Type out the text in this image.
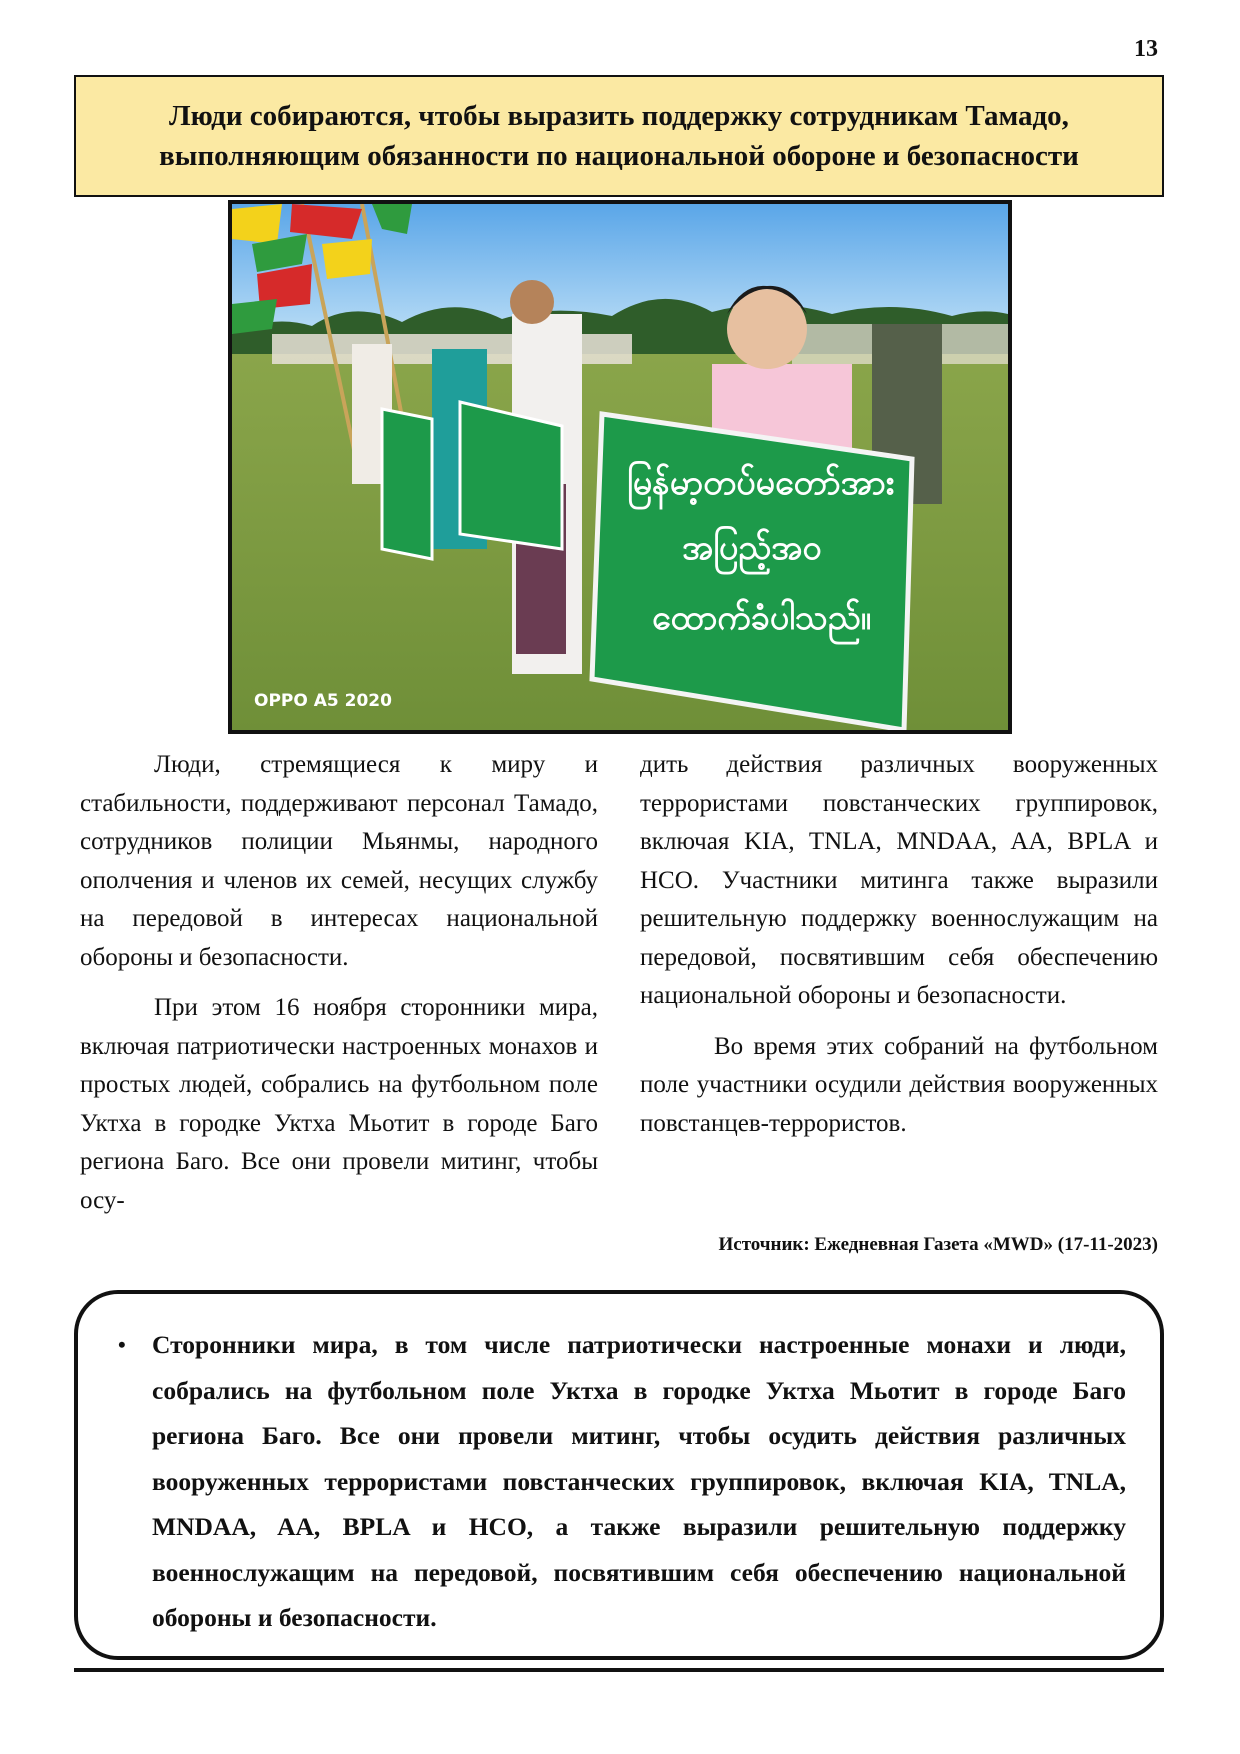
13
Люди собираются, чтобы выразить поддержку сотрудникам Тамадо,
выполняющим обязанности по национальной обороне и безопасности
မြန်မာ့တပ်မတော်အား
အပြည့်အဝ
ထောက်ခံပါသည်။
OPPO A5 2020

Люди, стремящиеся к миру и стабильности, поддерживают персонал Тамадо, сотрудников полиции Мьянмы, народного ополчения и членов их семей, несущих службу на передовой в интересах национальной обороны и безопасности.

При этом 16 ноября сторонники мира, включая патриотически настроенных монахов и простых людей, собрались на футбольном поле Уктха в городке Уктха Мьотит в городе Баго региона Баго. Все они провели митинг, чтобы осу-

дить действия различных вооруженных террористами повстанческих группировок, включая KIA, TNLA, MNDAA, AA, BPLA и HCO. Участники митинга также выразили решительную поддержку военнослужащим на передовой, посвятившим себя обеспечению национальной обороны и безопасности.

Во время этих собраний на футбольном поле участники осудили действия вооруженных повстанцев-террористов.

Источник: Ежедневная Газета «MWD» (17-11-2023)
• Сторонники мира, в том числе патриотически настроенные монахи и люди, собрались на футбольном поле Уктха в городке Уктха Мьотит в городе Баго региона Баго. Все они провели митинг, чтобы осудить действия различных вооруженных террористами повстанческих группировок, включая KIA, TNLA, MNDAA, AA, BPLA и HCO, а также выразили решительную поддержку военнослужащим на передовой, посвятившим себя обеспечению национальной обороны и безопасности.
